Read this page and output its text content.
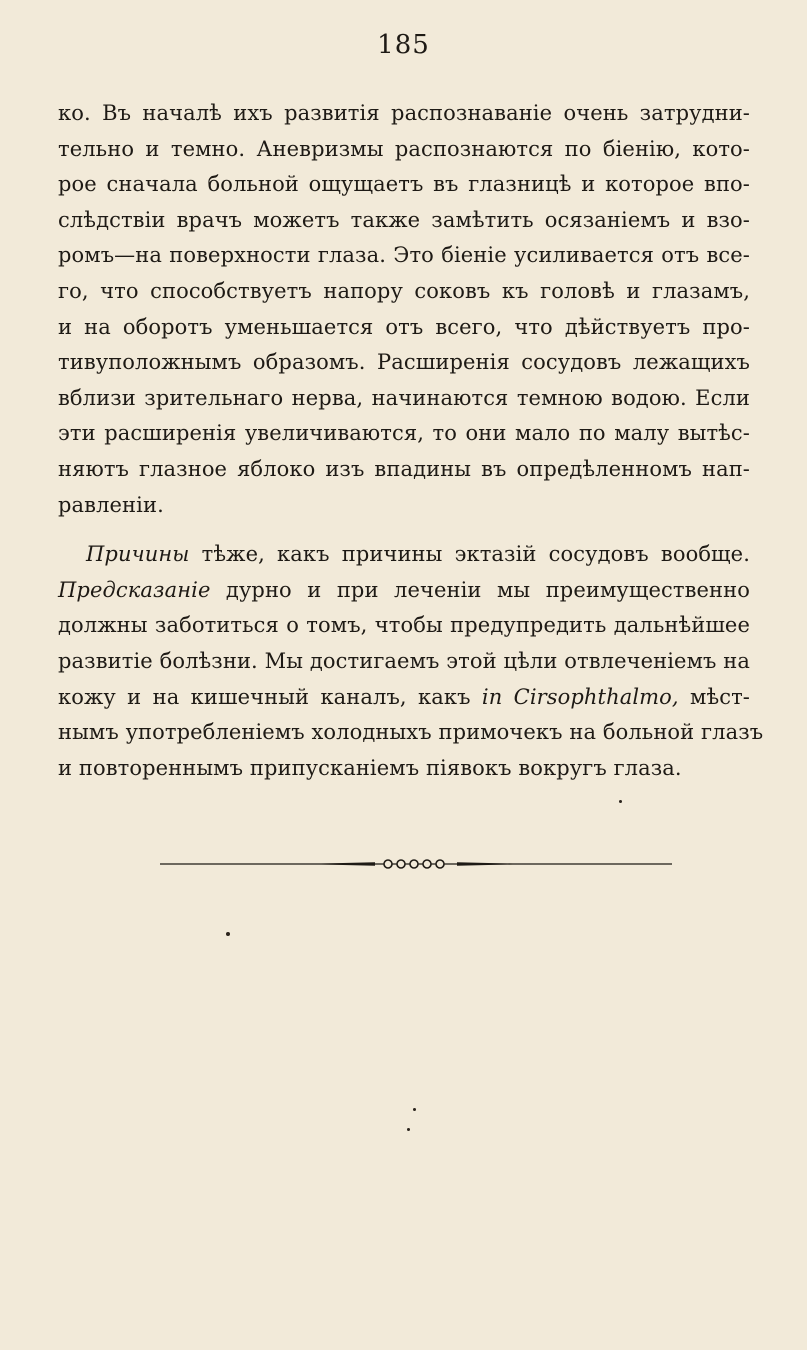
185
ко. Въ началѣ ихъ развитія распознаваніе очень затрудни-
тельно и темно. Аневризмы распознаются по біенію, кото-
рое сначала больной ощущаетъ въ глазницѣ и которое впо-
слѣдствіи врачъ можетъ также замѣтить осязаніемъ и взо-
ромъ—на поверхности глаза. Это біеніе усиливается отъ все-
го, что способствуетъ напору соковъ къ головѣ и глазамъ,
и на оборотъ уменьшается отъ всего, что дѣйствуетъ про-
тивуположнымъ образомъ. Расширенія сосудовъ лежащихъ
вблизи зрительнаго нерва, начинаются темною водою. Если
эти расширенія увеличиваются, то они мало по малу вытѣс-
няютъ глазное яблоко изъ впадины въ опредѣленномъ нап-
равленіи.
Причины тѣже, какъ причины эктазій сосудовъ вообще.
Предсказаніе дурно и при леченіи мы преимущественно
должны заботиться о томъ, чтобы предупредить дальнѣйшее
развитіе болѣзни. Мы достигаемъ этой цѣли отвлеченіемъ на
кожу и на кишечный каналъ, какъ in Cirsophthalmo, мѣст-
нымъ употребленіемъ холодныхъ примочекъ на больной глазъ
и повтореннымъ припусканіемъ піявокъ вокругъ глаза.
